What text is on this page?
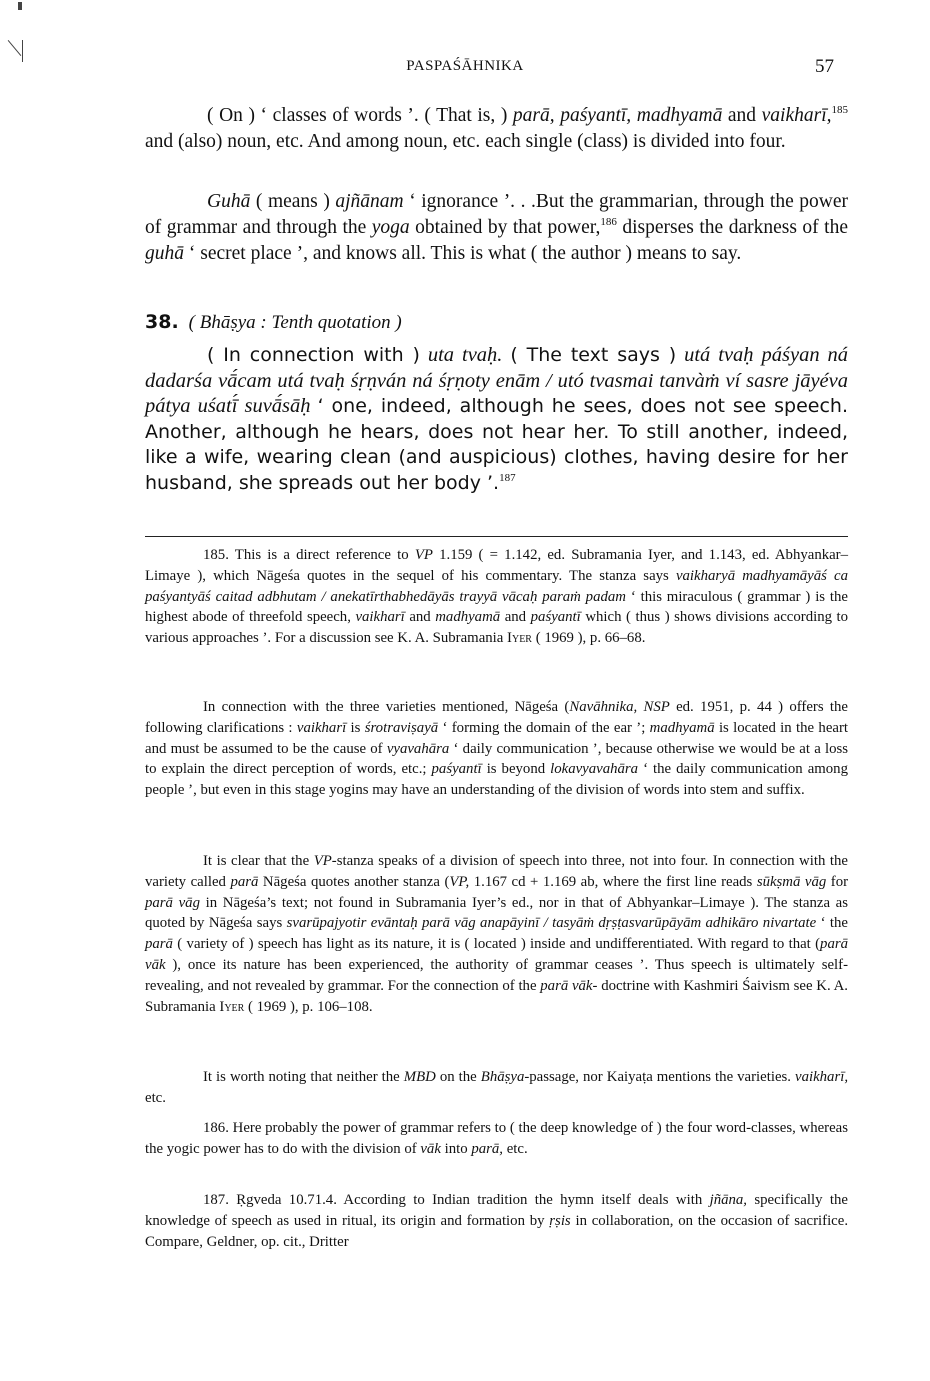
PASPAŚĀHNIKA	57
( On ) ‘ classes of words ’. ( That is, ) parā, paśyantī, madhyamā and vaikharī,$^{185}$ and (also) noun, etc. And among noun, etc. each single (class) is divided into four.
Guhā ( means ) ajñānam ‘ ignorance ’. . .But the grammarian, through the power of grammar and through the yoga obtained by that power,$^{186}$ disperses the darkness of the guhā ‘ secret place ’, and knows all. This is what ( the author ) means to say.
38. ( Bhāṣya : Tenth quotation )
( In connection with ) uta tvaḥ. ( The text says ) utá tvaḥ páśyan ná dadarśa vā́cam utá tvaḥ śṛṇván ná śṛṇoty enām / utó tvasmai tanvàṁ ví sasre jāyéva pátya uśatī́ suvā́sāḥ ‘ one, indeed, although he sees, does not see speech. Another, although he hears, does not hear her. To still another, indeed, like a wife, wearing clean (and auspicious) clothes, having desire for her husband, she spreads out her body ’.$^{187}$

185. This is a direct reference to VP 1.159 ( = 1.142, ed. Subramania Iyer, and 1.143, ed. Abhyankar–Limaye ), which Nāgeśa quotes in the sequel of his commentary. The stanza says vaikharyā madhyamāyāś ca paśyantyāś caitad adbhutam / anekatīrthabhedāyās trayyā vācaḥ paraṁ padam ‘ this miraculous ( grammar ) is the highest abode of threefold speech, vaikharī and madhyamā and paśyantī which ( thus ) shows divisions according to various approaches ’. For a discussion see K. A. Subramania Iyer ( 1969 ), p. 66–68.

In connection with the three varieties mentioned, Nāgeśa (Navāhnika, NSP ed. 1951, p. 44 ) offers the following clarifications : vaikharī is śrotraviṣayā ‘ forming the domain of the ear ’; madhyamā is located in the heart and must be assumed to be the cause of vyavahāra ‘ daily communication ’, because otherwise we would be at a loss to explain the direct perception of words, etc.; paśyantī is beyond lokavyavahāra ‘ the daily communication among people ’, but even in this stage yogins may have an understanding of the division of words into stem and suffix.

It is clear that the VP-stanza speaks of a division of speech into three, not into four. In connection with the variety called parā Nāgeśa quotes another stanza (VP, 1.167 cd + 1.169 ab, where the first line reads sūkṣmā vāg for parā vāg in Nāgeśa’s text; not found in Subramania Iyer’s ed., nor in that of Abhyankar–Limaye ). The stanza as quoted by Nāgeśa says svarūpajyotir evāntaḥ parā vāg anapāyinī / tasyāṁ dṛṣṭasvarūpāyām adhikāro nivartate ‘ the parā ( variety of ) speech has light as its nature, it is ( located ) inside and undifferentiated. With regard to that (parā vāk ), once its nature has been experienced, the authority of grammar ceases ’. Thus speech is ultimately self-revealing, and not revealed by grammar. For the connection of the parā vāk- doctrine with Kashmiri Śaivism see K. A. Subramania Iyer ( 1969 ), p. 106–108.

It is worth noting that neither the MBD on the Bhāṣya-passage, nor Kaiyaṭa mentions the varieties. vaikharī, etc.

186. Here probably the power of grammar refers to ( the deep knowledge of ) the four word-classes, whereas the yogic power has to do with the division of vāk into parā, etc.

187. Ṛgveda 10.71.4. According to Indian tradition the hymn itself deals with jñāna, specifically the knowledge of speech as used in ritual, its origin and formation by ṛṣis in collaboration, on the occasion of sacrifice. Compare, Geldner, op. cit., Dritter
